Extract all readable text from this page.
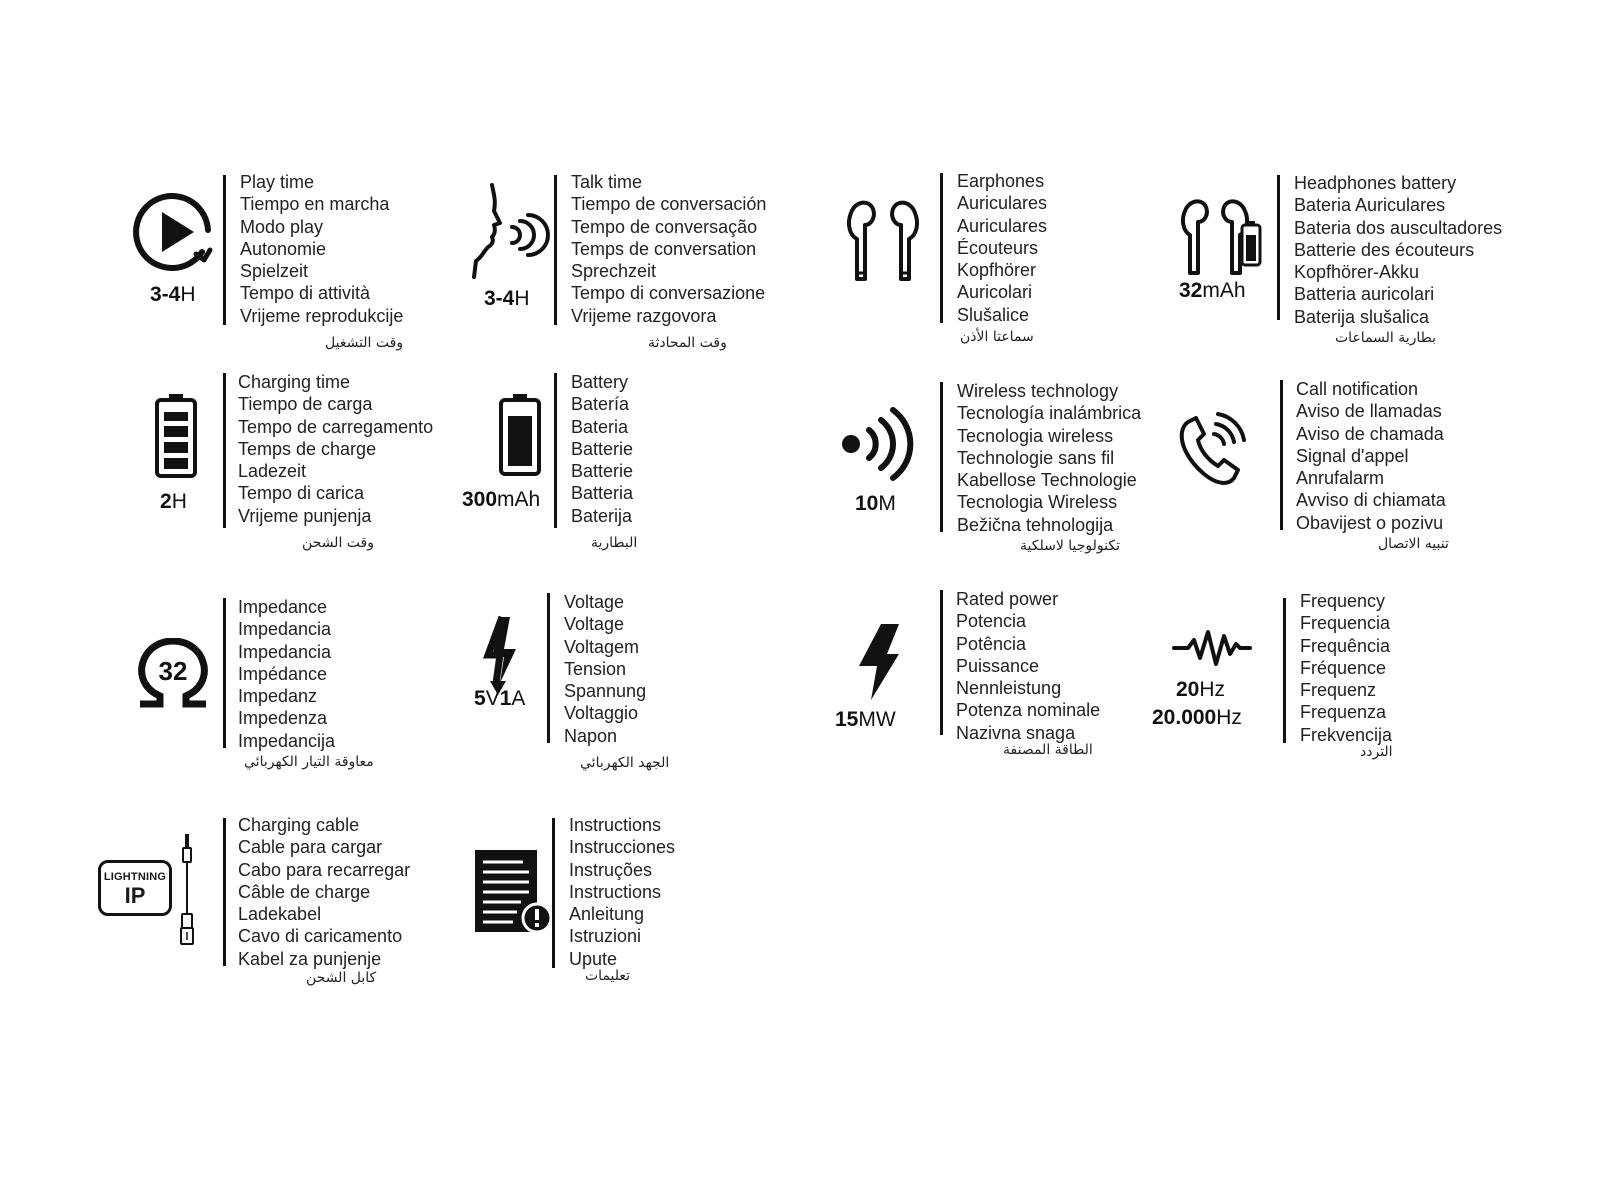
3-4H
Play time
Tiempo en marcha
Modo play
Autonomie
Spielzeit
Tempo di attività
Vrijeme reprodukcije
وقت التشغيل
3-4H
Talk time
Tiempo de conversación
Tempo de conversação
Temps de conversation
Sprechzeit
Tempo di conversazione
Vrijeme razgovora
وقت المحادثة
Earphones
Auriculares
Auriculares
Écouteurs
Kopfhörer
Auricolari
Slušalice
سماعتا الأذن
32mAh
Headphones battery
Bateria Auriculares
Bateria dos auscultadores
Batterie des écouteurs
Kopfhörer-Akku
Batteria auricolari
Baterija slušalica
بطارية السماعات
2H
Charging time
Tiempo de carga
Tempo de carregamento
Temps de charge
Ladezeit
Tempo di carica
Vrijeme punjenja
وقت الشحن
300mAh
Battery
Batería
Bateria
Batterie
Batterie
Batteria
Baterija
البطارية
10M
Wireless technology
Tecnología inalámbrica
Tecnologia wireless
Technologie sans fil
Kabellose Technologie
Tecnologia Wireless
Bežična tehnologija
تكنولوجيا لاسلكية
Call notification
Aviso de llamadas
Aviso de chamada
Signal d'appel
Anrufalarm
Avviso di chiamata
Obavijest o pozivu
تنبيه الاتصال
32
Impedance
Impedancia
Impedancia
Impédance
Impedanz
Impedenza
Impedancija
معاوقة التيار الكهربائي
5V1A
Voltage
Voltage
Voltagem
Tension
Spannung
Voltaggio
Napon
الجهد الكهربائي
15MW
Rated power
Potencia
Potência
Puissance
Nennleistung
Potenza nominale
Nazivna snaga
الطاقة المصنفة
20Hz
20.000Hz
Frequency
Frequencia
Frequência
Fréquence
Frequenz
Frequenza
Frekvencija
التردد
LIGHTNING
IP
Charging cable
Cable para cargar
Cabo para recarregar
Câble de charge
Ladekabel
Cavo di caricamento
Kabel za punjenje
كابل الشحن
Instructions
Instrucciones
Instruções
Instructions
Anleitung
Istruzioni
Upute
تعليمات
